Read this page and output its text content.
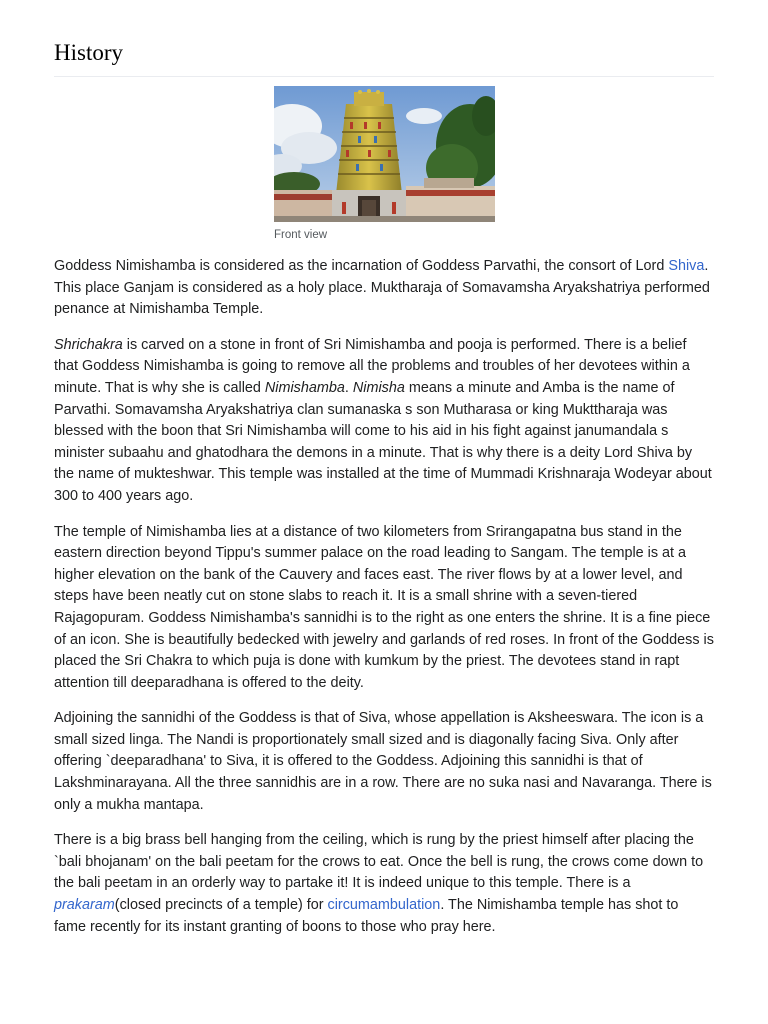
History
Front view

Goddess Nimishamba is considered as the incarnation of Goddess Parvathi, the consort of Lord Shiva. This place Ganjam is considered as a holy place. Muktharaja of Somavamsha Aryakshatriya performed penance at Nimishamba Temple.

Shrichakra is carved on a stone in front of Sri Nimishamba and pooja is performed. There is a belief that Goddess Nimishamba is going to remove all the problems and troubles of her devotees within a minute. That is why she is called Nimishamba. Nimisha means a minute and Amba is the name of Parvathi. Somavamsha Aryakshatriya clan sumanaska s son Mutharasa or king Mukttharaja was blessed with the boon that Sri Nimishamba will come to his aid in his fight against janumandala s minister subaahu and ghatodhara the demons in a minute. That is why there is a deity Lord Shiva by the name of mukteshwar. This temple was installed at the time of Mummadi Krishnaraja Wodeyar about 300 to 400 years ago.

The temple of Nimishamba lies at a distance of two kilometers from Srirangapatna bus stand in the eastern direction beyond Tippu's summer palace on the road leading to Sangam. The temple is at a higher elevation on the bank of the Cauvery and faces east. The river flows by at a lower level, and steps have been neatly cut on stone slabs to reach it. It is a small shrine with a seven-tiered Rajagopuram. Goddess Nimishamba's sannidhi is to the right as one enters the shrine. It is a fine piece of an icon. She is beautifully bedecked with jewelry and garlands of red roses. In front of the Goddess is placed the Sri Chakra to which puja is done with kumkum by the priest. The devotees stand in rapt attention till deeparadhana is offered to the deity.

Adjoining the sannidhi of the Goddess is that of Siva, whose appellation is Aksheeswara. The icon is a small sized linga. The Nandi is proportionately small sized and is diagonally facing Siva. Only after offering `deeparadhana' to Siva, it is offered to the Goddess. Adjoining this sannidhi is that of Lakshminarayana. All the three sannidhis are in a row. There are no suka nasi and Navaranga. There is only a mukha mantapa.

There is a big brass bell hanging from the ceiling, which is rung by the priest himself after placing the `bali bhojanam' on the bali peetam for the crows to eat. Once the bell is rung, the crows come down to the bali peetam in an orderly way to partake it! It is indeed unique to this temple. There is a prakaram(closed precincts of a temple) for circumambulation. The Nimishamba temple has shot to fame recently for its instant granting of boons to those who pray here.
